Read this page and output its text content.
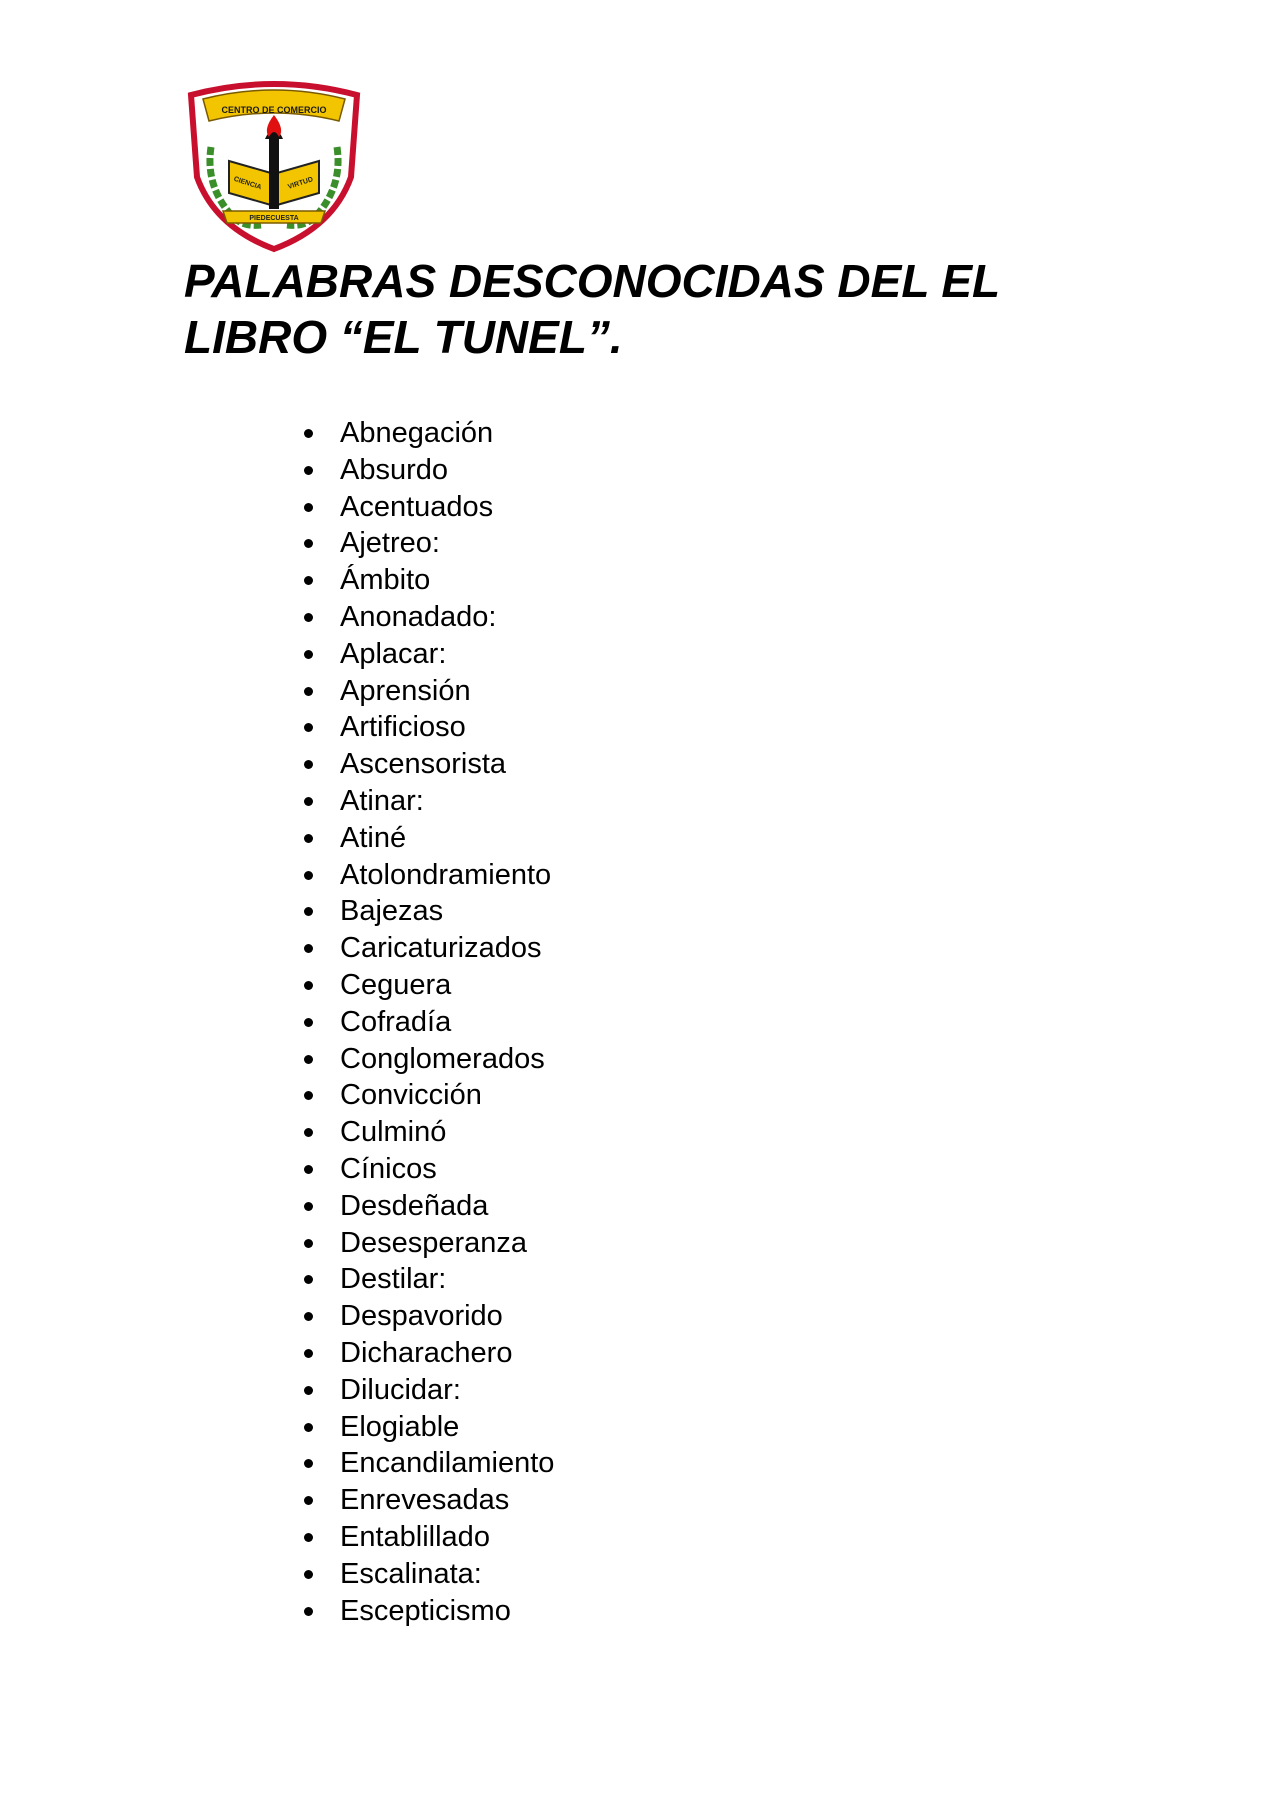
CENTRO DE COMERCIO
CIENCIA	VIRTUD
PIEDECUESTA
PALABRAS DESCONOCIDAS DEL EL
LIBRO “EL TUNEL”.
Abnegación
Absurdo
Acentuados
Ajetreo:
Ámbito
Anonadado:
Aplacar:
Aprensión
Artificioso
Ascensorista
Atinar:
Atiné
Atolondramiento
Bajezas
Caricaturizados
Ceguera
Cofradía
Conglomerados
Convicción
Culminó
Cínicos
Desdeñada
Desesperanza
Destilar:
Despavorido
Dicharachero
Dilucidar:
Elogiable
Encandilamiento
Enrevesadas
Entablillado
Escalinata:
Escepticismo
